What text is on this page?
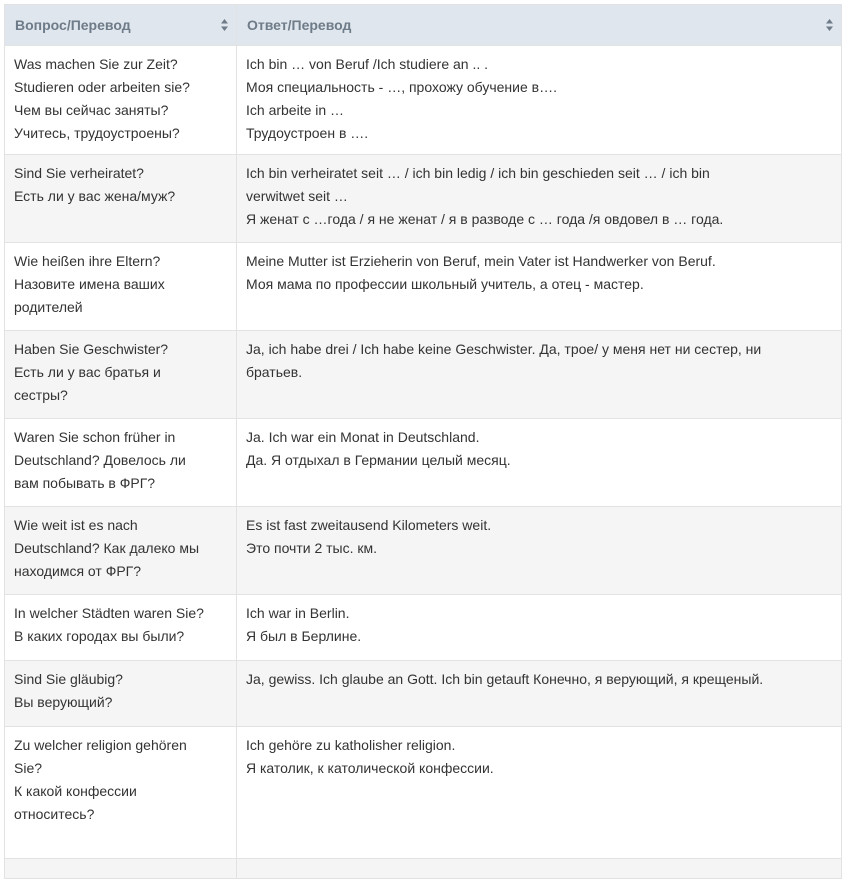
Вопрос/Перевод	Ответ/Перевод

Was machen Sie zur Zeit?
Studieren oder arbeiten sie?
Чем вы сейчас заняты?
Учитесь, трудоустроены?	Ich bin … von Beruf /Ich studiere an .. .
Моя специальность - …, прохожу обучение в….
Ich arbeite in …
Трудоустроен в ….

Sind Sie verheiratet?
Есть ли у вас жена/муж?	Ich bin verheiratet seit … / ich bin ledig / ich bin geschieden seit … / ich bin
verwitwet seit …
Я женат с …года / я не женат / я в разводе с … года /я овдовел в … года.

Wie heißen ihre Eltern?
Назовите имена ваших
родителей	Meine Mutter ist Erzieherin von Beruf, mein Vater ist Handwerker von Beruf.
Моя мама по профессии школьный учитель, а отец - мастер.

Haben Sie Geschwister?
Есть ли у вас братья и
сестры?	Ja, ich habe drei / Ich habe keine Geschwister. Да, трое/ у меня нет ни сестер, ни
братьев.

Waren Sie schon früher in
Deutschland? Довелось ли
вам побывать в ФРГ?	Ja. Ich war ein Monat in Deutschland.
Да. Я отдыхал в Германии целый месяц.

Wie weit ist es nach
Deutschland? Как далеко мы
находимся от ФРГ?	Es ist fast zweitausend Kilometers weit.
Это почти 2 тыс. км.

In welcher Städten waren Sie?
В каких городах вы были?	Ich war in Berlin.
Я был в Берлине.

Sind Sie gläubig?
Вы верующий?	Ja, gewiss. Ich glaube an Gott. Ich bin getauft Конечно, я верующий, я крещеный.

Zu welcher religion gehören
Sie?
К какой конфессии
относитесь?	Ich gehöre zu katholisher religion.
Я католик, к католической конфессии.
